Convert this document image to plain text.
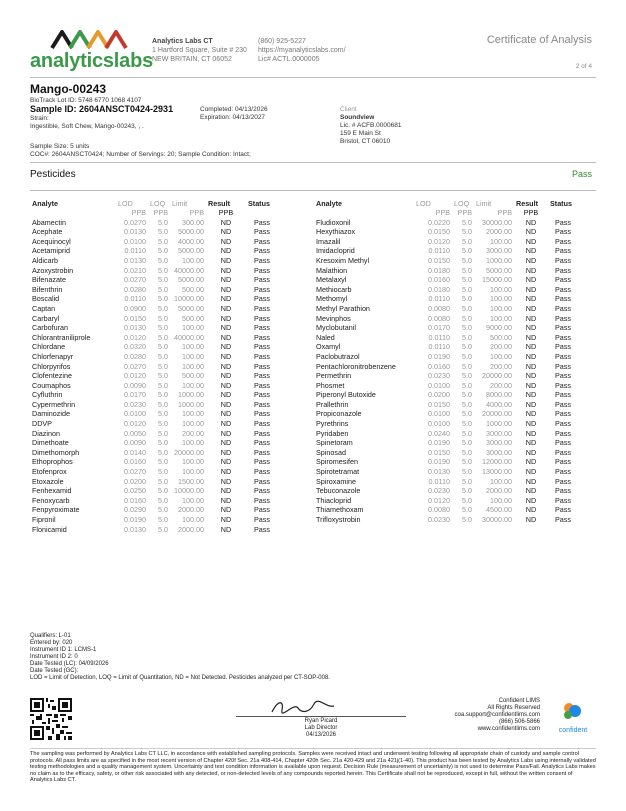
analyticslabs
Analytics Labs CT
1 Hartford Square, Suite # 230
NEW BRITAIN, CT 06052
(860) 925-5227
https://myanalyticslabs.com/
Lic# ACTL.0000005
Certificate of Analysis
2 of 4
Mango-00243
BioTrack Lot ID: 5748 6770 1068 4107
Sample ID: 2604ANSCT0424-2931	Completed: 04/13/2026
Expiration: 04/13/2027
Strain:
Ingestible, Soft Chew, Mango-00243, , .
Sample Size: 5 units
COC#: 2604ANSCT0424; Number of Servings: 20; Sample Condition: Intact;
Client
Soundview
Lic. # ACFB.0000681
159 E Main St
Bristol, CT 06010
Pesticides	Pass
Analyte	LOD	LOQ	Limit	Result	Status
	PPB	PPB	PPB	PPB	
Abamectin	0.0270	5.0	300.00	ND	Pass
Acephate	0.0130	5.0	5000.00	ND	Pass
Acequinocyl	0.0100	5.0	4000.00	ND	Pass
Acetamiprid	0.0110	5.0	5000.00	ND	Pass
Aldicarb	0.0130	5.0	100.00	ND	Pass
Azoxystrobin	0.0210	5.0	40000.00	ND	Pass
Bifenazate	0.0270	5.0	5000.00	ND	Pass
Bifenthrin	0.0280	5.0	500.00	ND	Pass
Boscalid	0.0110	5.0	10000.00	ND	Pass
Captan	0.0900	5.0	5000.00	ND	Pass
Carbaryl	0.0150	5.0	500.00	ND	Pass
Carbofuran	0.0130	5.0	100.00	ND	Pass
Chlorantraniliprole	0.0120	5.0	40000.00	ND	Pass
Chlordane	0.0320	5.0	100.00	ND	Pass
Chlorfenapyr	0.0280	5.0	100.00	ND	Pass
Chlorpyrifos	0.0270	5.0	100.00	ND	Pass
Clofentezine	0.0120	5.0	500.00	ND	Pass
Coumaphos	0.0090	5.0	100.00	ND	Pass
Cyfluthrin	0.0170	5.0	1000.00	ND	Pass
Cypermethrin	0.0230	5.0	1000.00	ND	Pass
Daminozide	0.0100	5.0	100.00	ND	Pass
DDVP	0.0120	5.0	100.00	ND	Pass
Diazinon	0.0050	5.0	200.00	ND	Pass
Dimethoate	0.0090	5.0	100.00	ND	Pass
Dimethomorph	0.0140	5.0	20000.00	ND	Pass
Ethoprophos	0.0160	5.0	100.00	ND	Pass
Etofenprox	0.0270	5.0	100.00	ND	Pass
Etoxazole	0.0200	5.0	1500.00	ND	Pass
Fenhexamid	0.0250	5.0	10000.00	ND	Pass
Fenoxycarb	0.0160	5.0	100.00	ND	Pass
Fenpyroximate	0.0290	5.0	2000.00	ND	Pass
Fipronil	0.0190	5.0	100.00	ND	Pass
Flonicamid	0.0130	5.0	2000.00	ND	Pass
Analyte	LOD	LOQ	Limit	Result	Status
	PPB	PPB	PPB	PPB	
Fludioxonil	0.0220	5.0	30000.00	ND	Pass
Hexythiazox	0.0150	5.0	2000.00	ND	Pass
Imazalil	0.0120	5.0	100.00	ND	Pass
Imidacloprid	0.0110	5.0	3000.00	ND	Pass
Kresoxim Methyl	0.0150	5.0	1000.00	ND	Pass
Malathion	0.0180	5.0	5000.00	ND	Pass
Metalaxyl	0.0160	5.0	15000.00	ND	Pass
Methiocarb	0.0180	5.0	100.00	ND	Pass
Methomyl	0.0110	5.0	100.00	ND	Pass
Methyl Parathion	0.0080	5.0	100.00	ND	Pass
Mevinphos	0.0080	5.0	100.00	ND	Pass
Myclobutanil	0.0170	5.0	9000.00	ND	Pass
Naled	0.0110	5.0	500.00	ND	Pass
Oxamyl	0.0110	5.0	200.00	ND	Pass
Paclobutrazol	0.0190	5.0	100.00	ND	Pass
Pentachloronitrobenzene	0.0160	5.0	200.00	ND	Pass
Permethrin	0.0230	5.0	20000.00	ND	Pass
Phosmet	0.0100	5.0	200.00	ND	Pass
Piperonyl Butoxide	0.0200	5.0	8000.00	ND	Pass
Prallethrin	0.0150	5.0	4000.00	ND	Pass
Propiconazole	0.0100	5.0	20000.00	ND	Pass
Pyrethrins	0.0100	5.0	1000.00	ND	Pass
Pyridaben	0.0240	5.0	3000.00	ND	Pass
Spinetoram	0.0190	5.0	3000.00	ND	Pass
Spinosad	0.0150	5.0	3000.00	ND	Pass
Spiromesifen	0.0190	5.0	12000.00	ND	Pass
Spirotetramat	0.0130	5.0	13000.00	ND	Pass
Spiroxamine	0.0110	5.0	100.00	ND	Pass
Tebuconazole	0.0230	5.0	2000.00	ND	Pass
Thiacloprid	0.0120	5.0	100.00	ND	Pass
Thiamethoxam	0.0080	5.0	4500.00	ND	Pass
Trifloxystrobin	0.0230	5.0	30000.00	ND	Pass
Qualifiers: L-01
Entered by: 020
Instrument ID 1: LCMS-1
Instrument ID 2: 0
Date Tested (LC): 04/09/2026
Date Tested (GC):
LOD = Limit of Detection, LOQ = Limit of Quantitation, ND = Not Detected. Pesticides analyzed per CT-SOP-008.
Ryan Picard
Lab Director
04/13/2026
Confident LIMS
All Rights Reserved
coa.support@confidentlims.com
(866) 506-5866
www.confidentlims.com	confident
The sampling was performed by Analytics Labs CT LLC, in accordance with established sampling protocols. Samples were received intact and underwent testing following all appropriate chain of custody and sample control protocols. All pass limits are as specified in the most recent version of Chapter 420f Sec. 21a 408-414, Chapter 420h Sec. 21a 420-429 and 21a 421j(1-40). This product has been tested by Analytics Labs using internally validated testing methodologies and a quality management system. Uncertainty and test condition information is available upon request. Decision Rule (measurement of uncertainty) is not used to determine Pass/Fail. Analytics Labs makes no claim as to the efficacy, safety, or other risk associated with any detected, or non-detected levels of any compounds reported herein. This Certificate shall not be reproduced, except in full, without the written consent of Analytics Labs CT.
